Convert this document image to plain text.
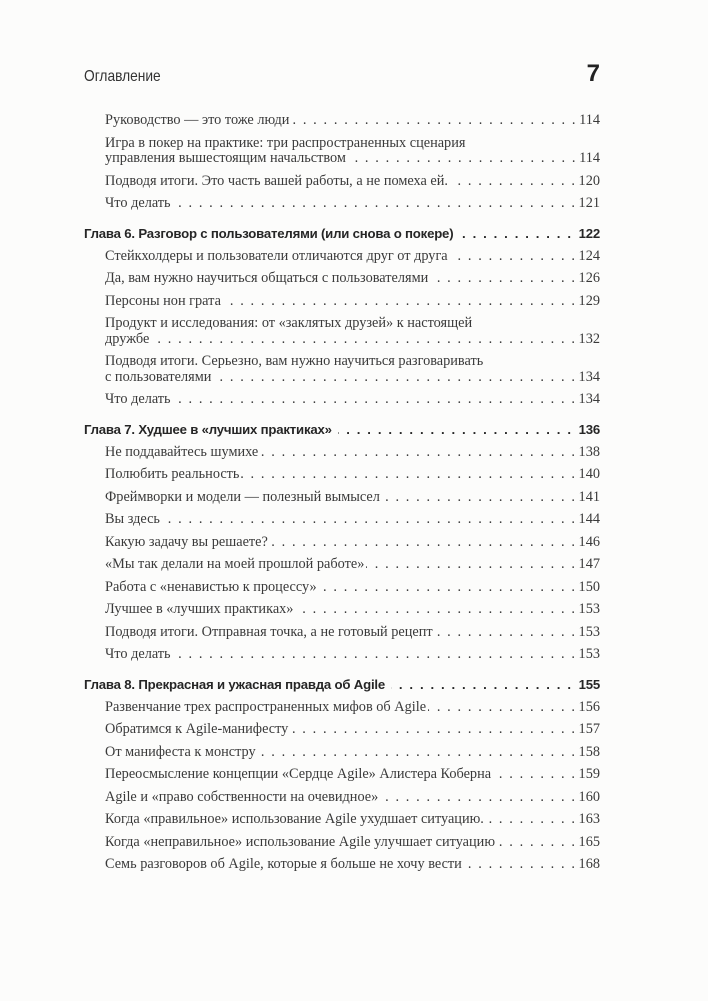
Оглавление	7
Руководство — это тоже люди . . .	114
Игра в покер на практике: три распространенных сценария
управления вышестоящим начальством . . .	114
Подводя итоги. Это часть вашей работы, а не помеха ей. . . .	120
Что делать . . .	121
Глава 6. Разговор с пользователями (или снова о покере) . . .	122
Стейкхолдеры и пользователи отличаются друг от друга . . .	124
Да, вам нужно научиться общаться с пользователями . . .	126
Персоны нон грата . . .	129
Продукт и исследования: от «заклятых друзей» к настоящей
дружбе . . .	132
Подводя итоги. Серьезно, вам нужно научиться разговаривать
с пользователями . . .	134
Что делать . . .	134
Глава 7. Худшее в «лучших практиках» . . .	136
Не поддавайтесь шумихе . . .	138
Полюбить реальность . . .	140
Фреймворки и модели — полезный вымысел . . .	141
Вы здесь . . .	144
Какую задачу вы решаете? . . .	146
«Мы так делали на моей прошлой работе» . . .	147
Работа с «ненавистью к процессу» . . .	150
Лучшее в «лучших практиках» . . .	153
Подводя итоги. Отправная точка, а не готовый рецепт . . .	153
Что делать . . .	153
Глава 8. Прекрасная и ужасная правда об Agile . . .	155
Развенчание трех распространенных мифов об Agile . . .	156
Обратимся к Agile-манифесту . . .	157
От манифеста к монстру . . .	158
Переосмысление концепции «Сердце Agile» Алистера Коберна . . .	159
Agile и «право собственности на очевидное» . . .	160
Когда «правильное» использование Agile ухудшает ситуацию. . . .	163
Когда «неправильное» использование Agile улучшает ситуацию . . .	165
Семь разговоров об Agile, которые я больше не хочу вести . . .	168
